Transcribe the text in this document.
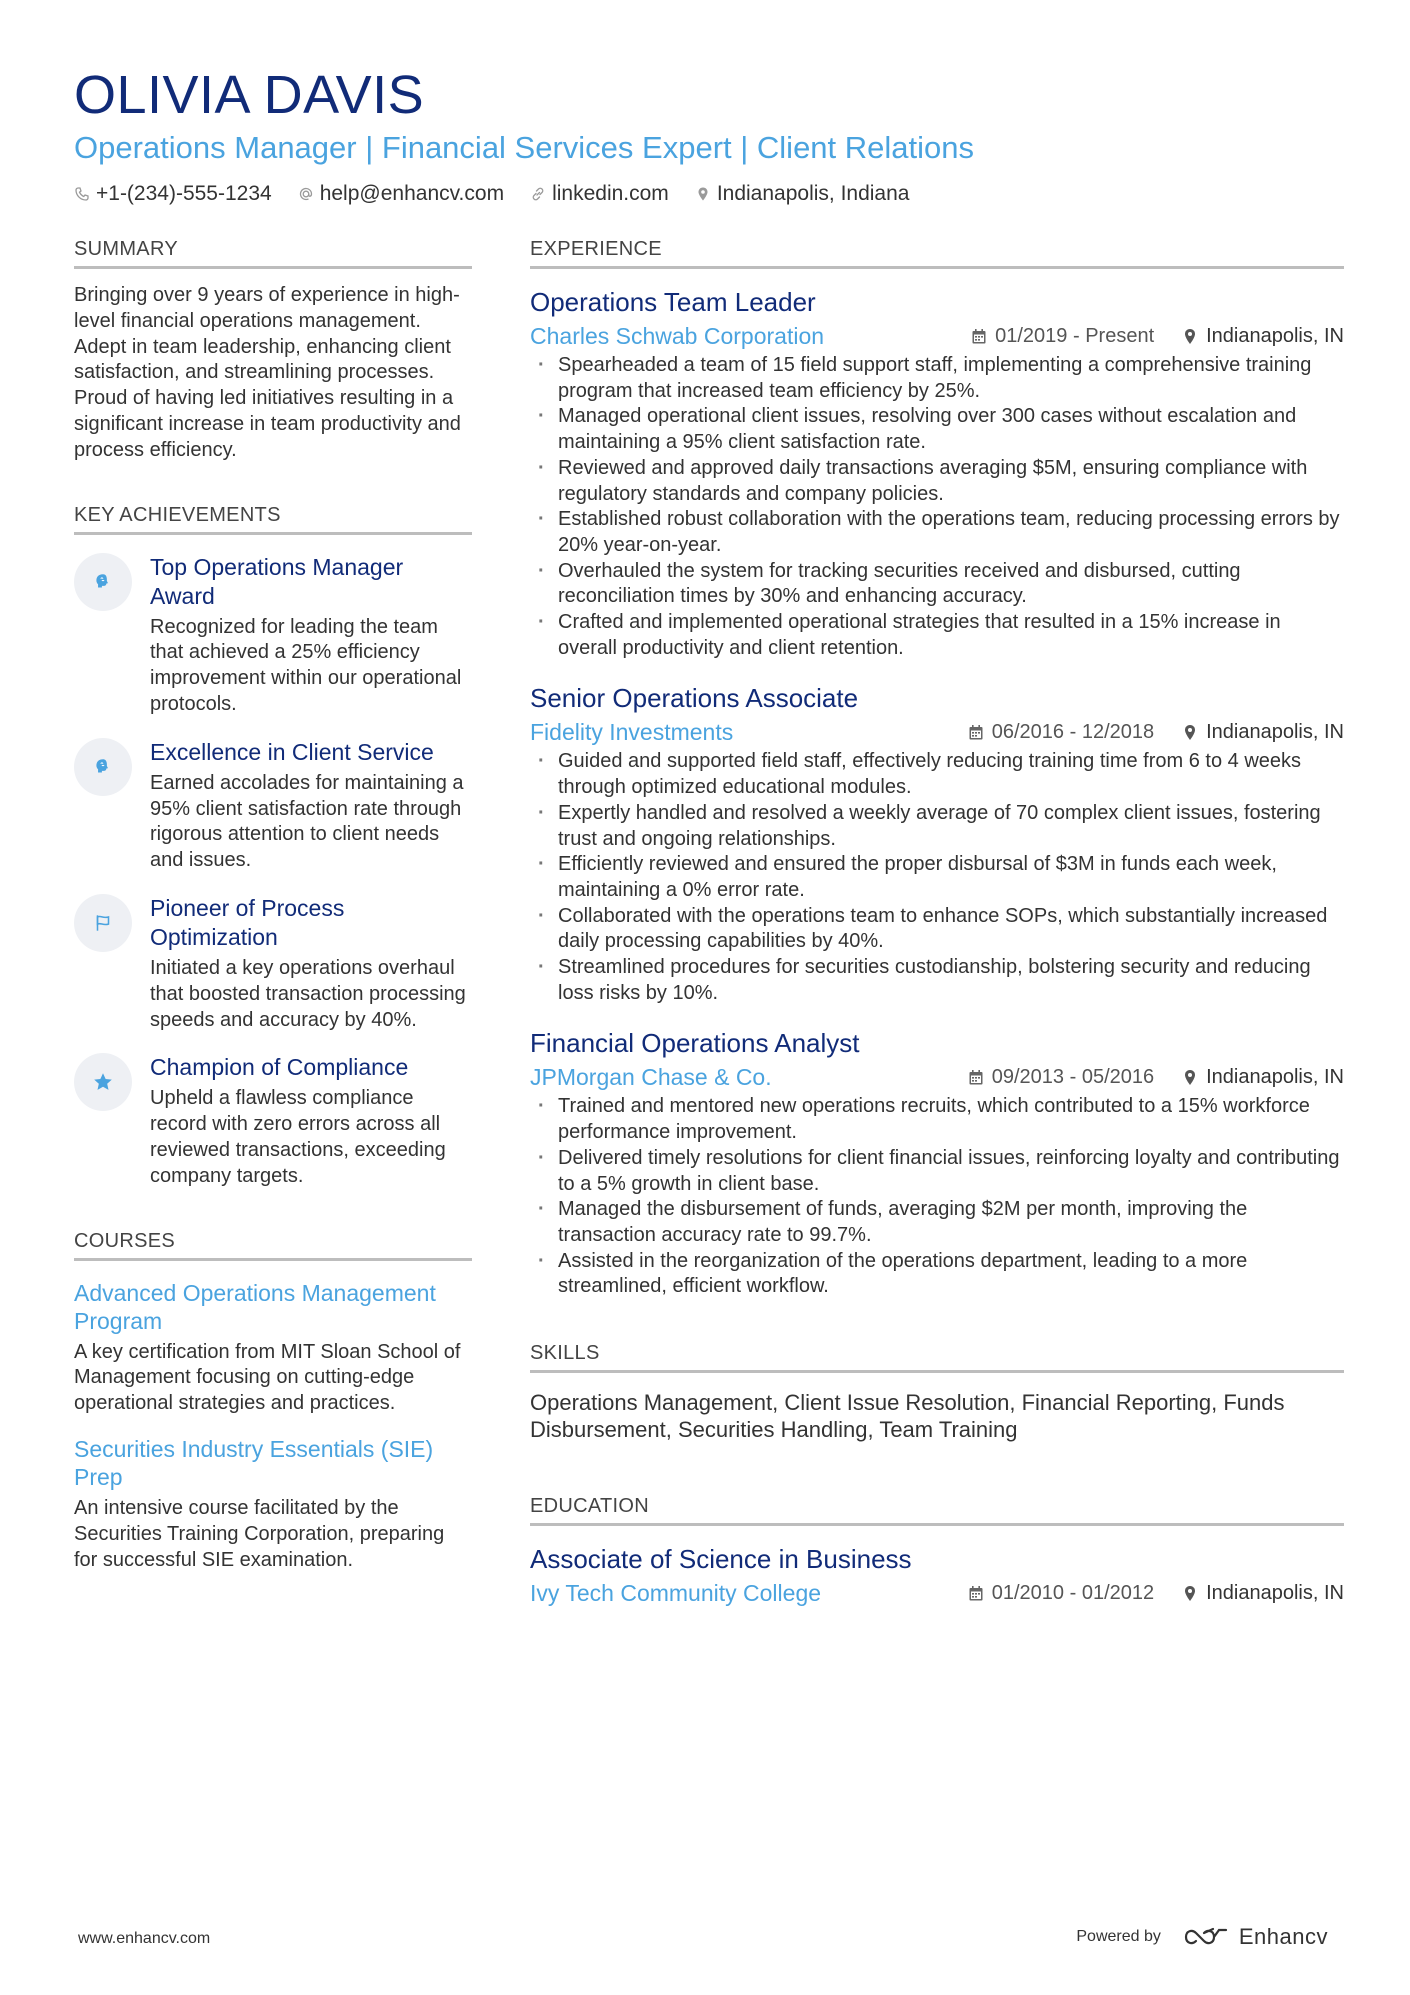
OLIVIA DAVIS
Operations Manager | Financial Services Expert | Client Relations
+1-(234)-555-1234 help@enhancv.com linkedin.com Indianapolis, Indiana
SUMMARY
Bringing over 9 years of experience in high-level financial operations management. Adept in team leadership, enhancing client satisfaction, and streamlining processes. Proud of having led initiatives resulting in a significant increase in team productivity and process efficiency.
KEY ACHIEVEMENTS
Top Operations Manager Award
Recognized for leading the team that achieved a 25% efficiency improvement within our operational protocols.
Excellence in Client Service
Earned accolades for maintaining a 95% client satisfaction rate through rigorous attention to client needs and issues.
Pioneer of Process Optimization
Initiated a key operations overhaul that boosted transaction processing speeds and accuracy by 40%.
Champion of Compliance
Upheld a flawless compliance record with zero errors across all reviewed transactions, exceeding company targets.
COURSES
Advanced Operations Management Program
A key certification from MIT Sloan School of Management focusing on cutting-edge operational strategies and practices.
Securities Industry Essentials (SIE) Prep
An intensive course facilitated by the Securities Training Corporation, preparing for successful SIE examination.
EXPERIENCE
Operations Team Leader
Charles Schwab Corporation	01/2019 - Present	Indianapolis, IN
· Spearheaded a team of 15 field support staff, implementing a comprehensive training program that increased team efficiency by 25%.
· Managed operational client issues, resolving over 300 cases without escalation and maintaining a 95% client satisfaction rate.
· Reviewed and approved daily transactions averaging $5M, ensuring compliance with regulatory standards and company policies.
· Established robust collaboration with the operations team, reducing processing errors by 20% year-on-year.
· Overhauled the system for tracking securities received and disbursed, cutting reconciliation times by 30% and enhancing accuracy.
· Crafted and implemented operational strategies that resulted in a 15% increase in overall productivity and client retention.
Senior Operations Associate
Fidelity Investments	06/2016 - 12/2018	Indianapolis, IN
· Guided and supported field staff, effectively reducing training time from 6 to 4 weeks through optimized educational modules.
· Expertly handled and resolved a weekly average of 70 complex client issues, fostering trust and ongoing relationships.
· Efficiently reviewed and ensured the proper disbursal of $3M in funds each week, maintaining a 0% error rate.
· Collaborated with the operations team to enhance SOPs, which substantially increased daily processing capabilities by 40%.
· Streamlined procedures for securities custodianship, bolstering security and reducing loss risks by 10%.
Financial Operations Analyst
JPMorgan Chase & Co.	09/2013 - 05/2016	Indianapolis, IN
· Trained and mentored new operations recruits, which contributed to a 15% workforce performance improvement.
· Delivered timely resolutions for client financial issues, reinforcing loyalty and contributing to a 5% growth in client base.
· Managed the disbursement of funds, averaging $2M per month, improving the transaction accuracy rate to 99.7%.
· Assisted in the reorganization of the operations department, leading to a more streamlined, efficient workflow.
SKILLS
Operations Management, Client Issue Resolution, Financial Reporting, Funds Disbursement, Securities Handling, Team Training
EDUCATION
Associate of Science in Business
Ivy Tech Community College	01/2010 - 01/2012	Indianapolis, IN
www.enhancv.com	Powered by	Enhancv
